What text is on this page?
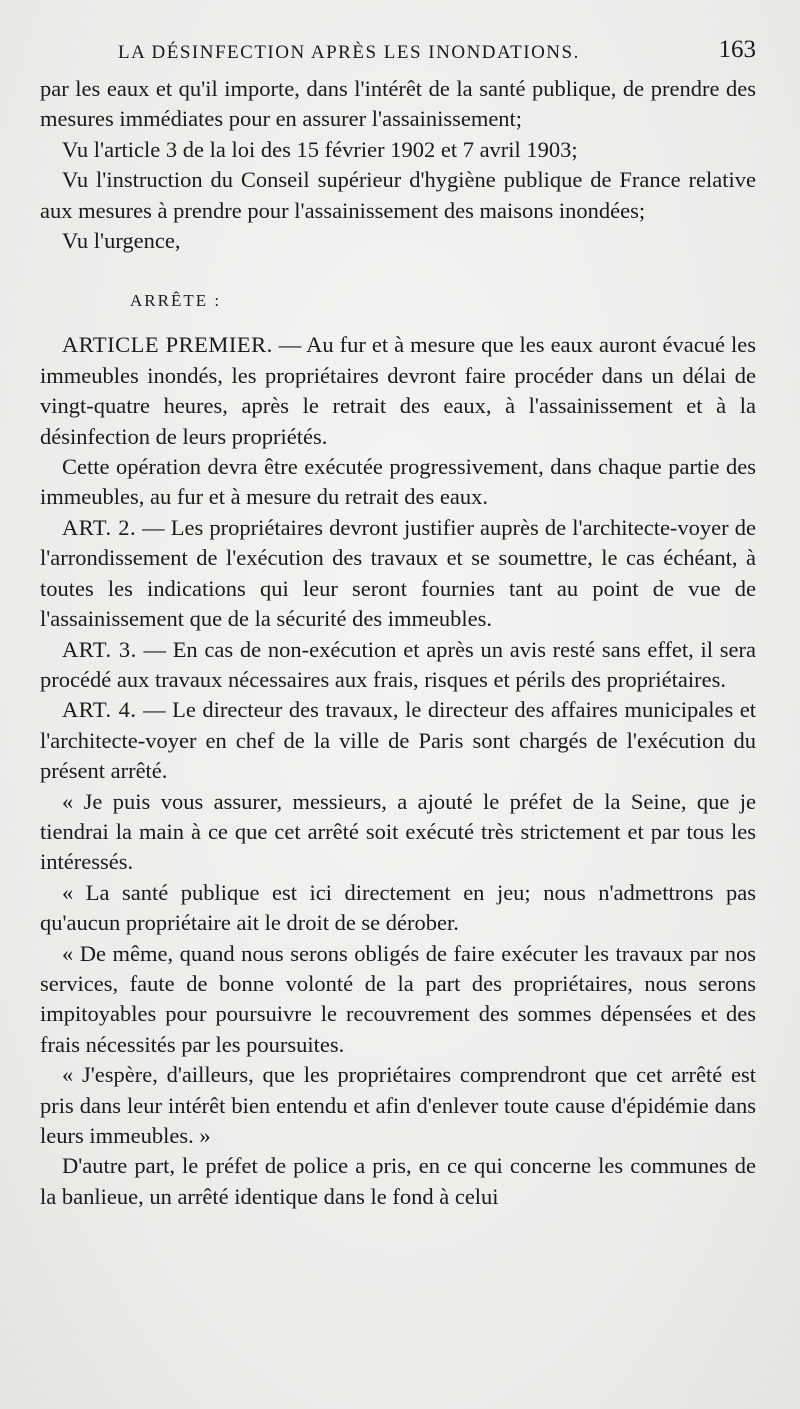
LA DÉSINFECTION APRÈS LES INONDATIONS.	163

par les eaux et qu'il importe, dans l'intérêt de la santé publique, de prendre des mesures immédiates pour en assurer l'assainissement;

Vu l'article 3 de la loi des 15 février 1902 et 7 avril 1903;

Vu l'instruction du Conseil supérieur d'hygiène publique de France relative aux mesures à prendre pour l'assainissement des maisons inondées;

Vu l'urgence,

ARRÊTE :

ARTICLE PREMIER. — Au fur et à mesure que les eaux auront évacué les immeubles inondés, les propriétaires devront faire procéder dans un délai de vingt-quatre heures, après le retrait des eaux, à l'assainissement et à la désinfection de leurs propriétés.

Cette opération devra être exécutée progressivement, dans chaque partie des immeubles, au fur et à mesure du retrait des eaux.

ART. 2. — Les propriétaires devront justifier auprès de l'architecte-voyer de l'arrondissement de l'exécution des travaux et se soumettre, le cas échéant, à toutes les indications qui leur seront fournies tant au point de vue de l'assainissement que de la sécurité des immeubles.

ART. 3. — En cas de non-exécution et après un avis resté sans effet, il sera procédé aux travaux nécessaires aux frais, risques et périls des propriétaires.

ART. 4. — Le directeur des travaux, le directeur des affaires municipales et l'architecte-voyer en chef de la ville de Paris sont chargés de l'exécution du présent arrêté.

« Je puis vous assurer, messieurs, a ajouté le préfet de la Seine, que je tiendrai la main à ce que cet arrêté soit exécuté très strictement et par tous les intéressés.

« La santé publique est ici directement en jeu; nous n'admettrons pas qu'aucun propriétaire ait le droit de se dérober.

« De même, quand nous serons obligés de faire exécuter les travaux par nos services, faute de bonne volonté de la part des propriétaires, nous serons impitoyables pour poursuivre le recouvrement des sommes dépensées et des frais nécessités par les poursuites.

« J'espère, d'ailleurs, que les propriétaires comprendront que cet arrêté est pris dans leur intérêt bien entendu et afin d'enlever toute cause d'épidémie dans leurs immeubles. »

D'autre part, le préfet de police a pris, en ce qui concerne les communes de la banlieue, un arrêté identique dans le fond à celui
